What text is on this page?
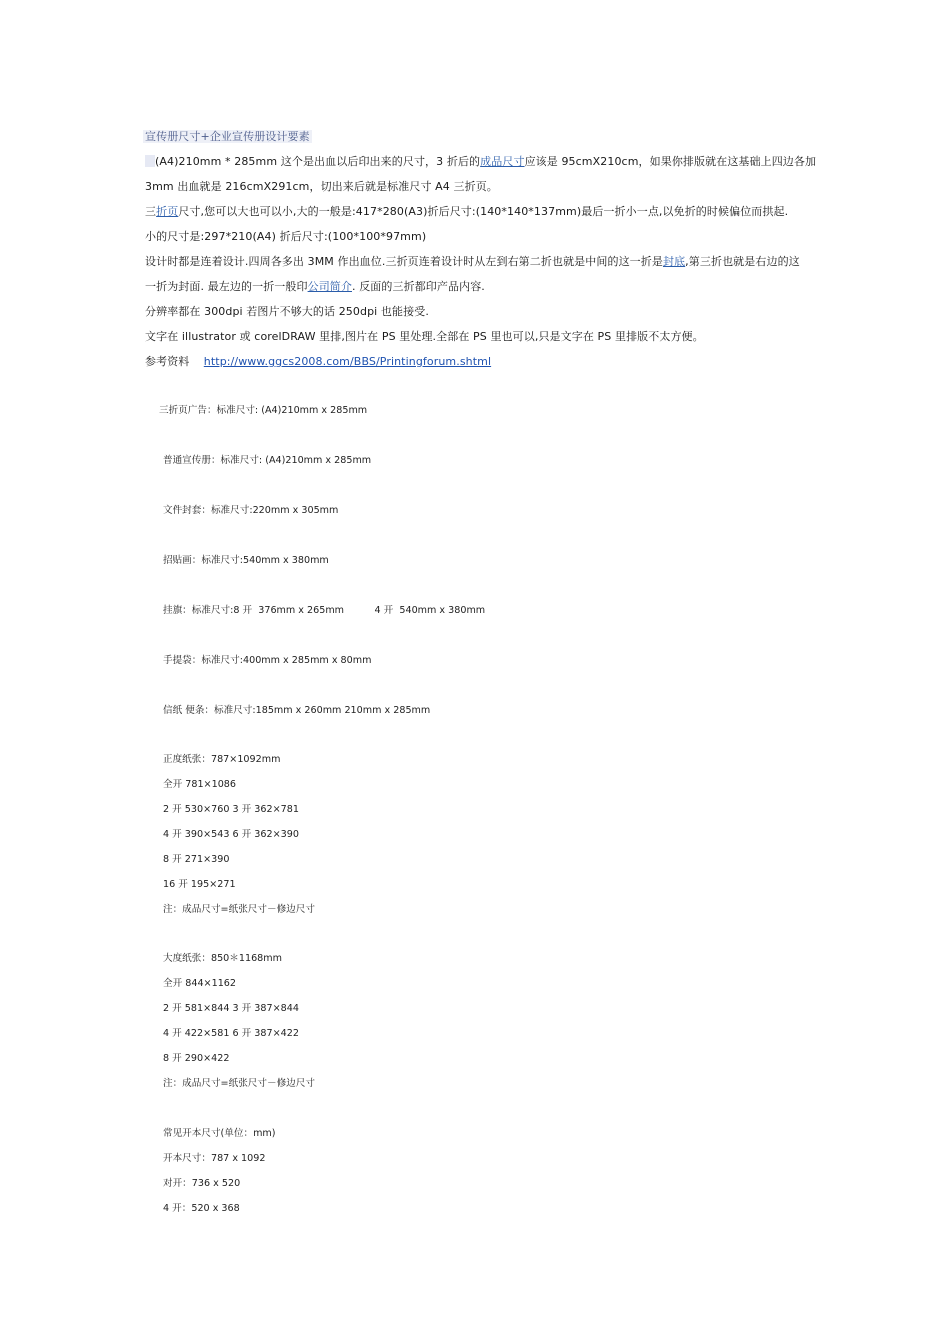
宣传册尺寸+企业宣传册设计要素
(A4)210mm * 285mm 这个是出血以后印出来的尺寸，3 折后的成品尺寸应该是 95cmX210cm，如果你排版就在这基础上四边各加
3mm 出血就是 216cmX291cm，切出来后就是标准尺寸 A4 三折页。
三折页尺寸,您可以大也可以小,大的一般是:417*280(A3)折后尺寸:(140*140*137mm)最后一折小一点,以免折的时候偏位而拱起.
小的尺寸是:297*210(A4) 折后尺寸:(100*100*97mm)
设计时都是连着设计.四周各多出 3MM 作出血位.三折页连着设计时从左到右第二折也就是中间的这一折是封底,第三折也就是右边的这
一折为封面. 最左边的一折一般印公司简介. 反面的三折都印产品内容.
分辨率都在 300dpi 若图片不够大的话 250dpi 也能接受.
文字在 illustrator 或 corelDRAW 里排,图片在 PS 里处理.全部在 PS 里也可以,只是文字在 PS 里排版不太方便。
参考资料 http://www.ggcs2008.com/BBS/Printingforum.shtml
三折页广告：标准尺寸: (A4)210mm x 285mm
普通宣传册：标准尺寸: (A4)210mm x 285mm
文件封套：标准尺寸:220mm x 305mm
招贴画：标准尺寸:540mm x 380mm
挂旗：标准尺寸:8 开  376mm x 265mm          4 开  540mm x 380mm
手提袋：标准尺寸:400mm x 285mm x 80mm
信纸 便条：标准尺寸:185mm x 260mm 210mm x 285mm
正度纸张：787×1092mm
全开 781×1086
2 开 530×760 3 开 362×781
4 开 390×543 6 开 362×390
8 开 271×390
16 开 195×271
注：成品尺寸=纸张尺寸－修边尺寸
大度纸张：850＊1168mm
全开 844×1162
2 开 581×844 3 开 387×844
4 开 422×581 6 开 387×422
8 开 290×422
注：成品尺寸=纸张尺寸－修边尺寸
常见开本尺寸(单位：mm)
开本尺寸：787 x 1092
对开：736 x 520
4 开：520 x 368
